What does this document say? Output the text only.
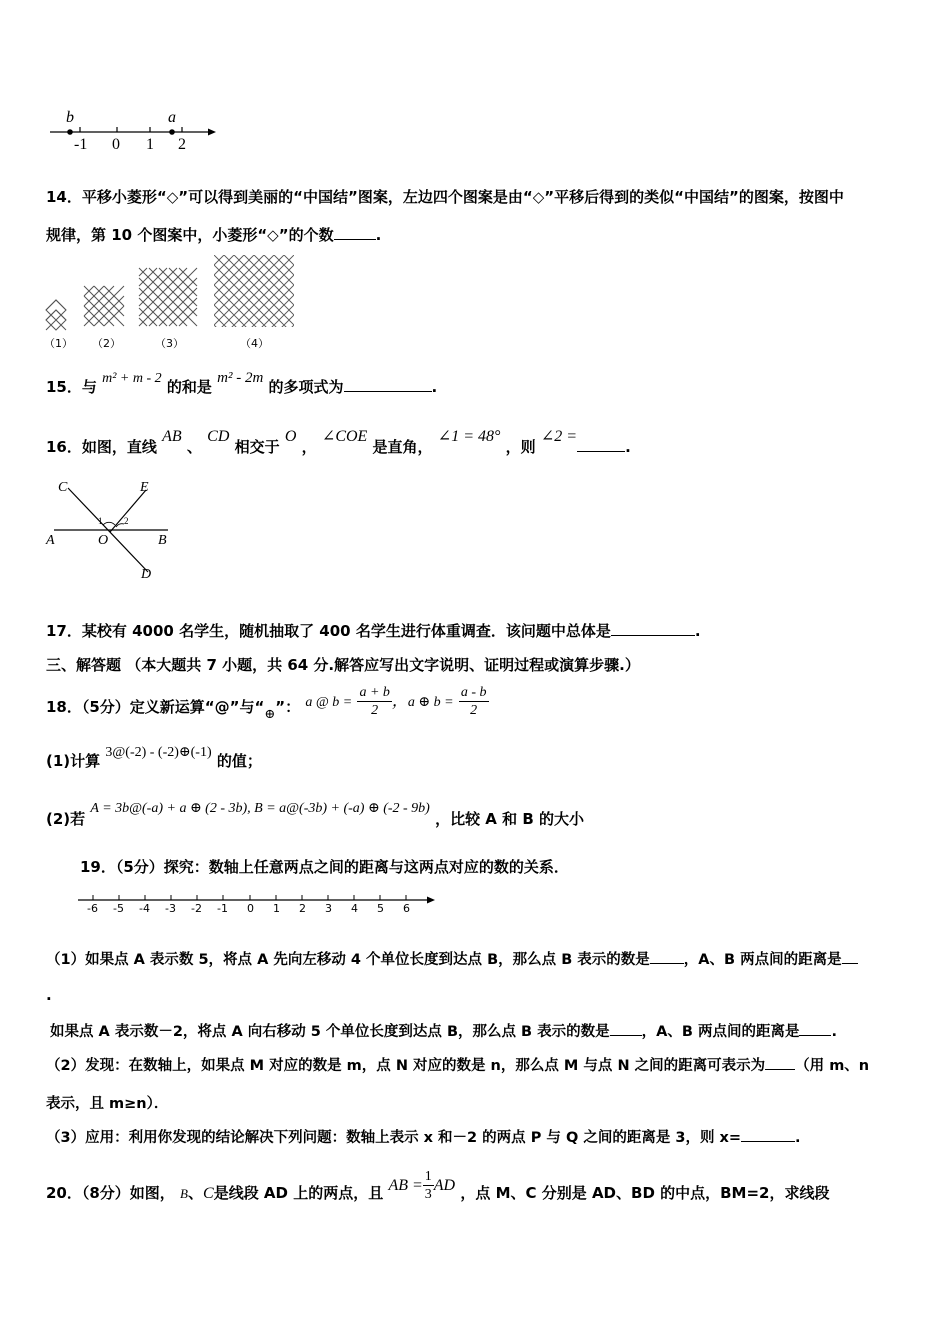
b	a
-1 0 1 2
14．平移小菱形“◇”可以得到美丽的“中国结”图案，左边四个图案是由“◇”平移后得到的类似“中国结”的图案，按图中
规律，第 10 个图案中，小菱形“◇”的个数	.
（1） （2）	（3）	（4）
15．与 m² + m - 2 的和是 m² - 2m 的多项式为	.
16．如图，直线 AB 、 CD 相交于 O ， ∠COE 是直角， ∠1 = 48° ，则 ∠2 =.
C	E
A	O	B
D
1 2
17．某校有 4000 名学生，随机抽取了 400 名学生进行体重调查．该问题中总体是	.
三、解答题 （本大题共 7 小题，共 64 分.解答应写出文字说明、证明过程或演算步骤.）
18．（5分）定义新运算“@”与“⊕”： a @ $b = \frac{a + b}{2}$ ，a ⊕ $b = \frac{a - b}{2}$
(1)计算 3@(-2) - (-2)⊕(-1) 的值；
(2)若 A = 3b@(-a) + a ⊕ (2 - 3b), B = a@(-3b) + (-a) ⊕ (-2 - 9b) ，比较 A 和 B 的大小
19．（5分）探究：数轴上任意两点之间的距离与这两点对应的数的关系．
-6 -5 -4 -3 -2 -1 0 1 2 3 4 5 6
（1）如果点 A 表示数 5，将点 A 先向左移动 4 个单位长度到达点 B，那么点 B 表示的数是 ，A、B 两点间的距离是
.
如果点 A 表示数－2，将点 A 向右移动 5 个单位长度到达点 B，那么点 B 表示的数是 ，A、B 两点间的距离是 .
（2）发现：在数轴上，如果点 M 对应的数是 m，点 N 对应的数是 n，那么点 M 与点 N 之间的距离可表示为 （用 m、n
表示，且 m≥n）．
（3）应用：利用你发现的结论解决下列问题：数轴上表示 x 和－2 的两点 P 与 Q 之间的距离是 3，则 x=	.
20．（8分）如图， B、C是线段 AD 上的两点，且 AB = $\frac{1}{3}$ AD ，点 M、C 分别是 AD、BD 的中点，BM=2，求线段
